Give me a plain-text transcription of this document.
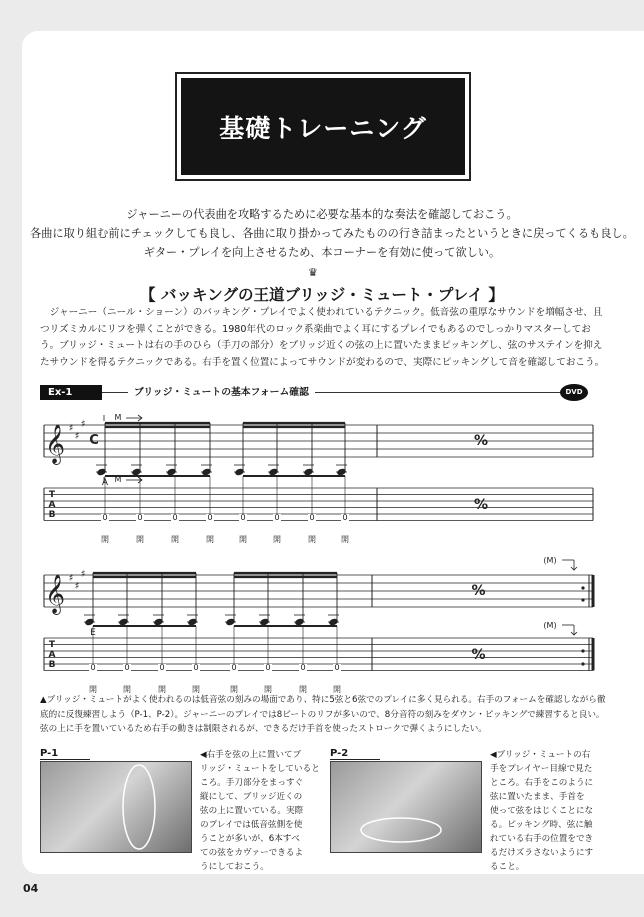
基礎トレーニング
ジャーニーの代表曲を攻略するために必要な基本的な奏法を確認しておこう。
各曲に取り組む前にチェックしても良し、各曲に取り掛かってみたものの行き詰まったというときに戻ってくるも良し。
ギター・プレイを向上させるため、本コーナーを有効に使って欲しい。
♛
【 バッキングの王道ブリッジ・ミュート・プレイ 】
ジャーニー（ニール・ショーン）のバッキング・プレイでよく使われているテクニック。低音弦の重厚なサウンドを増幅させ、且
つリズミカルにリフを弾くことができる。1980年代のロック系楽曲でよく耳にするプレイでもあるのでしっかりマスターしてお
う。ブリッジ・ミュートは右の手のひら（手刀の部分）をブリッジ近くの弦の上に置いたままピッキングし、弦のサステインを抑え
たサウンドを得るテクニックである。右手を置く位置によってサウンドが変わるので、実際にピッキングして音を確認しておこう。
Ex-1	ブリッジ・ミュートの基本フォーム確認	DVD
𝄞 ♯
♯
♯
C
T
A
B	0
開
0
開
0
開
0
開
0
開
0
開
0
開
0
開
A
%
%
M
M
𝄞 ♯
♯
♯
T
A
B	0
開
0
開
0
開
0
開
0
開
0
開
0
開
0
開
E
%
%
(M)
(M)
▲ブリッジ・ミュートがよく使われるのは低音弦の刻みの場面であり、特に5弦と6弦でのプレイに多く見られる。右手のフォームを確認しながら徹
底的に反復練習しよう（P-1、P-2）。ジャーニーのプレイでは8ビートのリフが多いので、8分音符の刻みをダウン・ピッキングで練習すると良い。
弦の上に手を置いているため右手の動きは制限されるが、できるだけ手首を使ったストロークで弾くようにしたい。
P-1	◀右手を弦の上に置いてブ
リッジ・ミュートをしていると
ころ。手刀部分をまっすぐ
縦にして、ブリッジ近くの
弦の上に置いている。実際
のプレイでは低音弦側を使
うことが多いが、6本すべ
ての弦をカヴァーできるよ
うにしておこう。
P-2	◀ブリッジ・ミュートの右
手をプレイヤー目線で見た
ところ。右手をこのように
弦に置いたまま、手首を
使って弦をはじくことにな
る。ピッキング時、弦に触
れている右手の位置をでき
るだけズラさないようにす
ること。
04
